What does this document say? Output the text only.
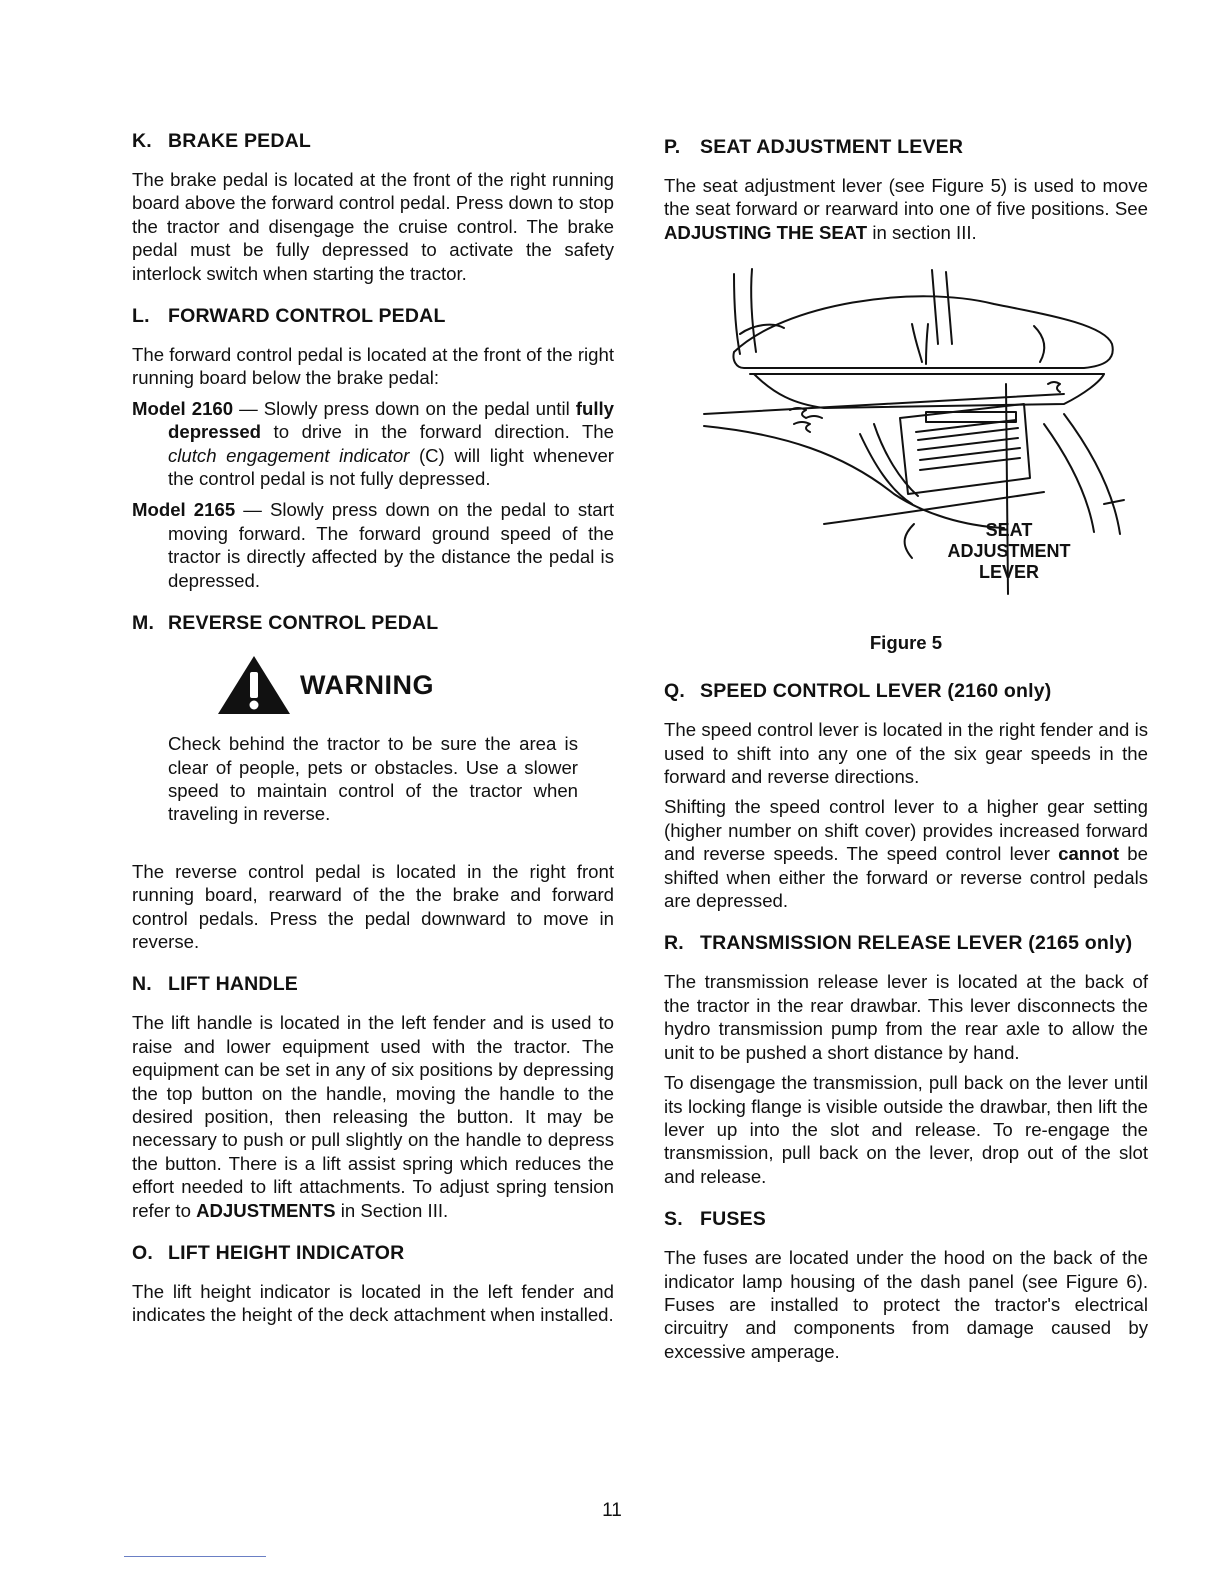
K. BRAKE PEDAL

The brake pedal is located at the front of the right running board above the forward control pedal. Press down to stop the tractor and disengage the cruise control. The brake pedal must be fully depressed to activate the safety interlock switch when starting the tractor.

L. FORWARD CONTROL PEDAL

The forward control pedal is located at the front of the right running board below the brake pedal:

Model 2160 — Slowly press down on the pedal until fully depressed to drive in the forward direction. The clutch engagement indicator (C) will light whenever the control pedal is not fully depressed.

Model 2165 — Slowly press down on the pedal to start moving forward. The forward ground speed of the tractor is directly affected by the distance the pedal is depressed.

M. REVERSE CONTROL PEDAL
WARNING

Check behind the tractor to be sure the area is clear of people, pets or obstacles. Use a slower speed to maintain control of the tractor when traveling in reverse.

The reverse control pedal is located in the right front running board, rearward of the the brake and forward control pedals. Press the pedal downward to move in reverse.

N. LIFT HANDLE

The lift handle is located in the left fender and is used to raise and lower equipment used with the tractor. The equipment can be set in any of six positions by depressing the top button on the handle, moving the handle to the desired position, then releasing the button. It may be necessary to push or pull slightly on the handle to depress the button. There is a lift assist spring which reduces the effort needed to lift attachments. To adjust spring tension refer to ADJUSTMENTS in Section III.

O. LIFT HEIGHT INDICATOR

The lift height indicator is located in the left fender and indicates the height of the deck attachment when installed.

P. SEAT ADJUSTMENT LEVER

The seat adjustment lever (see Figure 5) is used to move the seat forward or rearward into one of five positions. See ADJUSTING THE SEAT in section III.

SEAT
ADJUSTMENT
LEVER
Figure 5
Q. SPEED CONTROL LEVER (2160 only)

The speed control lever is located in the right fender and is used to shift into any one of the six gear speeds in the forward and reverse directions.

Shifting the speed control lever to a higher gear setting (higher number on shift cover) provides increased forward and reverse speeds. The speed control lever cannot be shifted when either the forward or reverse control pedals are depressed.

R. TRANSMISSION RELEASE LEVER (2165 only)

The transmission release lever is located at the back of the tractor in the rear drawbar. This lever disconnects the hydro transmission pump from the rear axle to allow the unit to be pushed a short distance by hand.

To disengage the transmission, pull back on the lever until its locking flange is visible outside the drawbar, then lift the lever up into the slot and release. To re-engage the transmission, pull back on the lever, drop out of the slot and release.

S. FUSES

The fuses are located under the hood on the back of the indicator lamp housing of the dash panel (see Figure 6). Fuses are installed to protect the tractor's electrical circuitry and components from damage caused by excessive amperage.

11
